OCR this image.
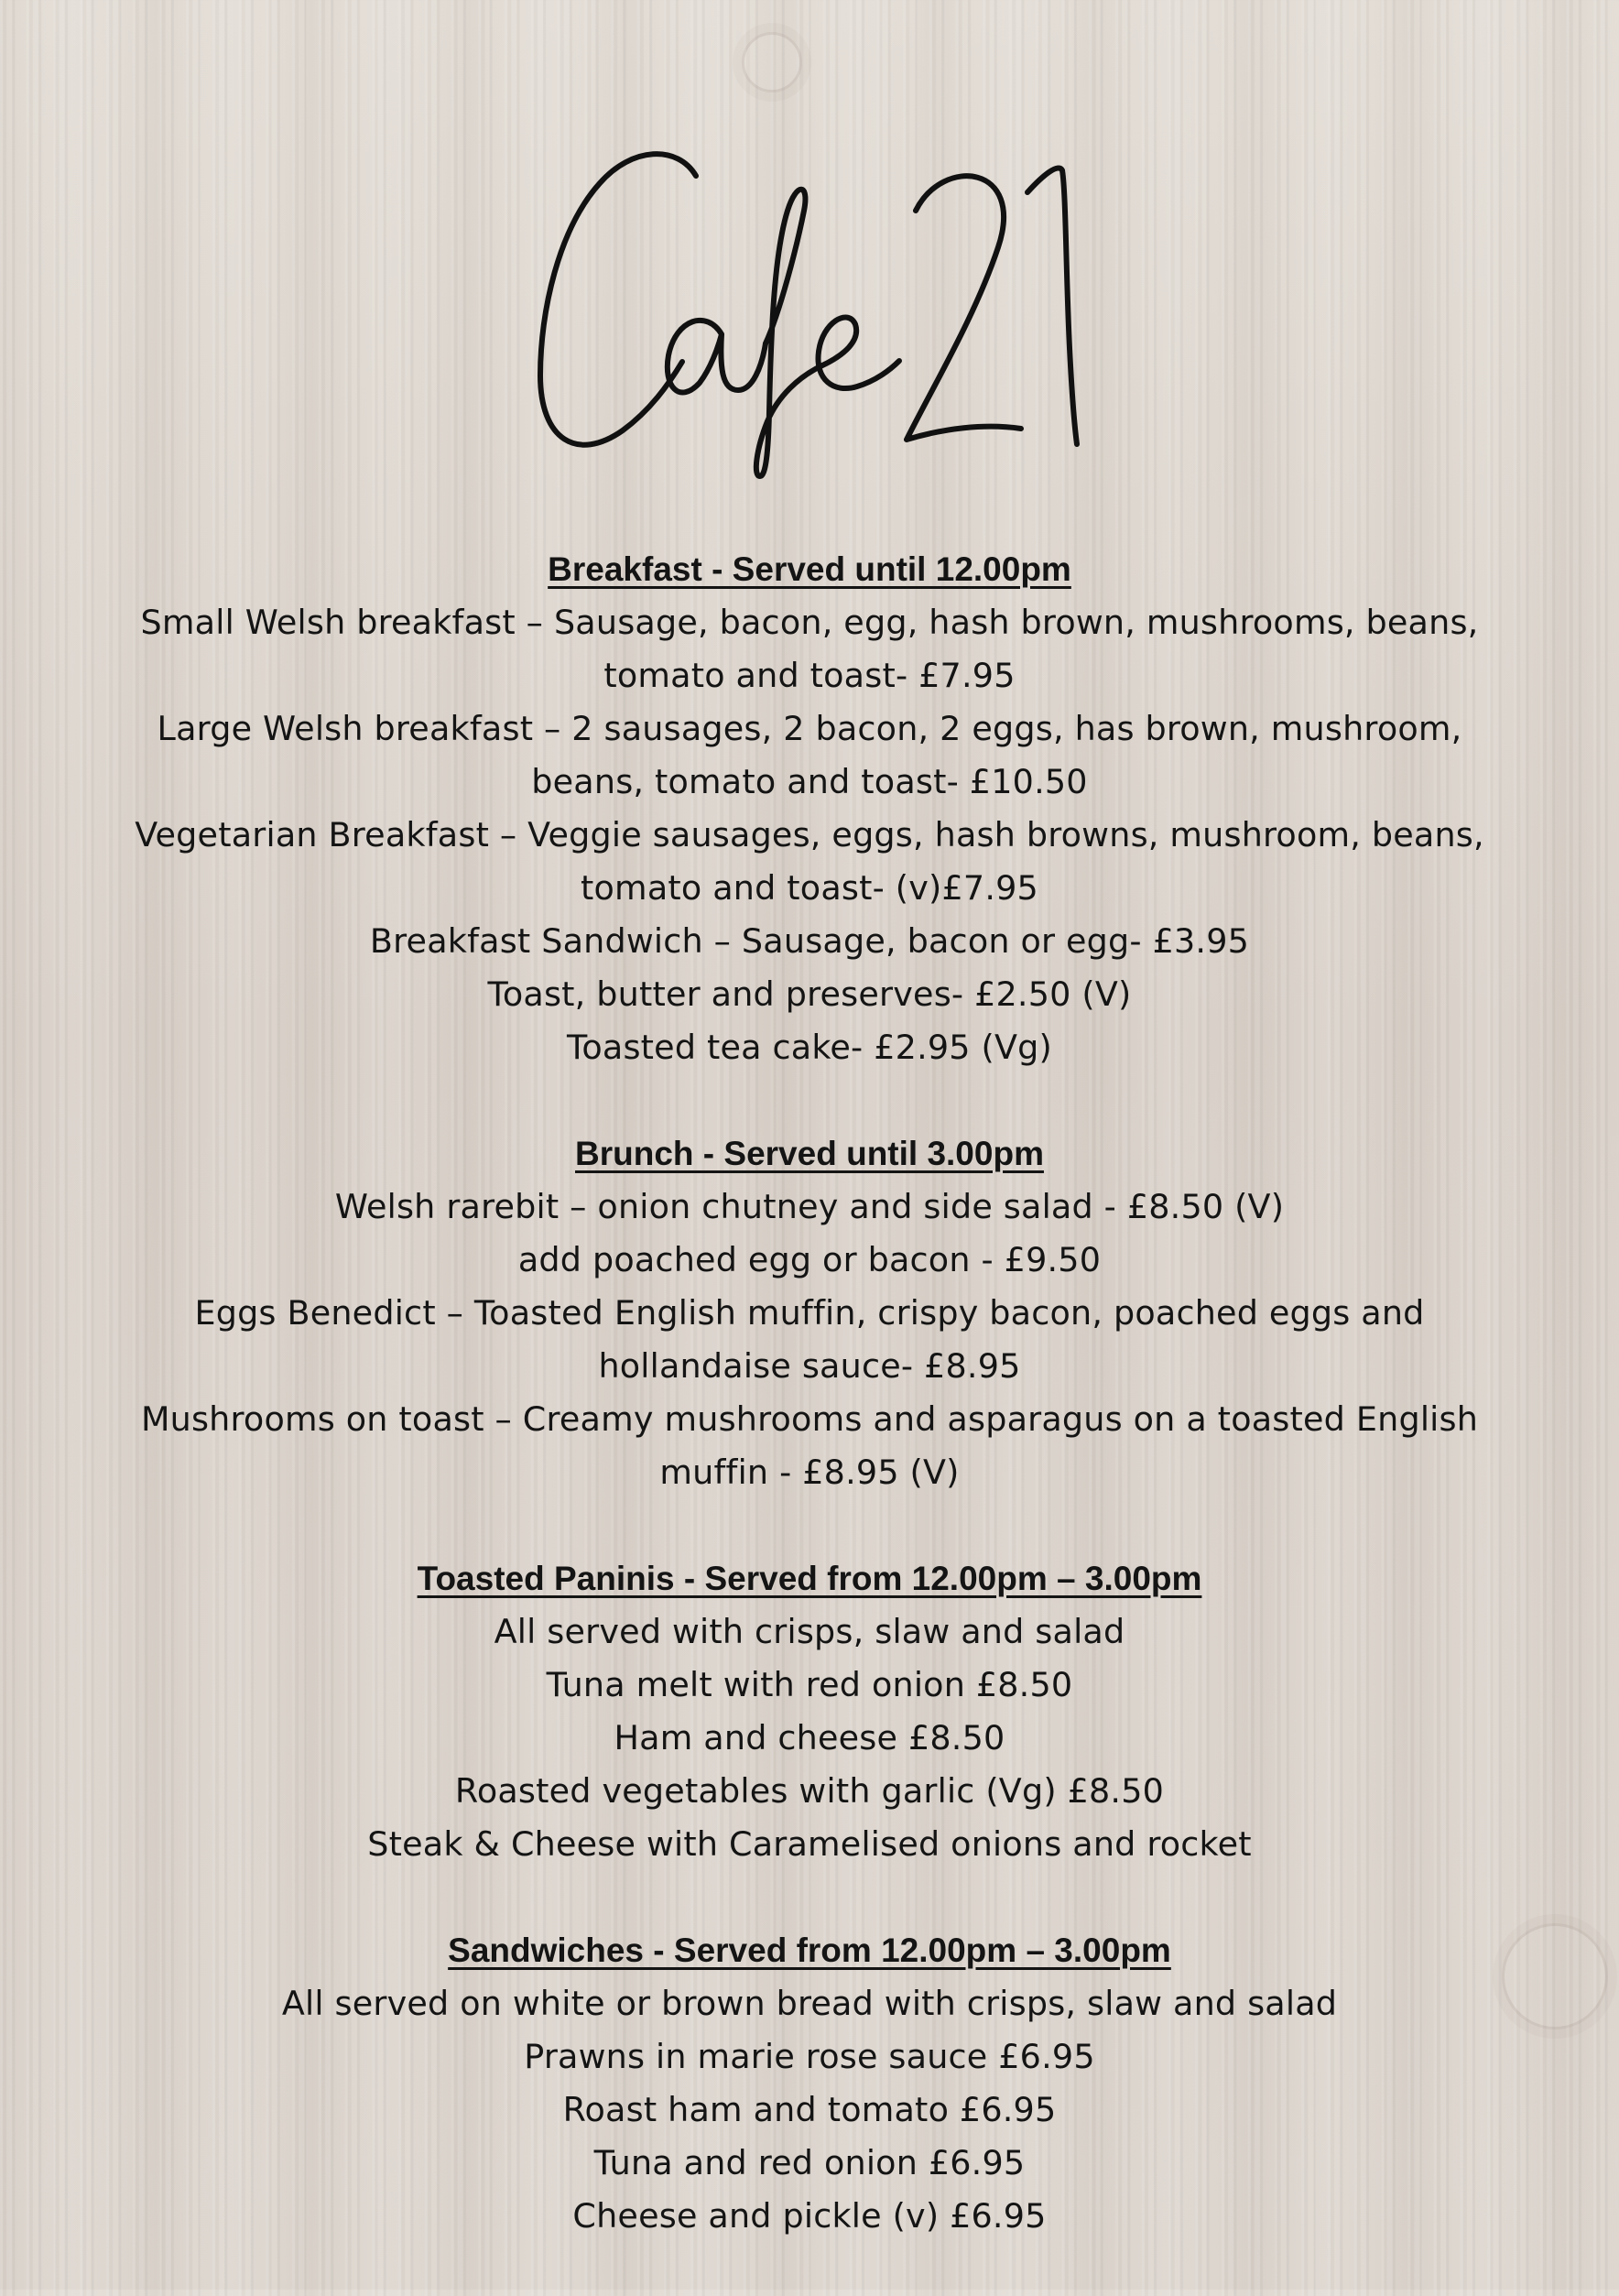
Breakfast - Served until 12.00pm
Small Welsh breakfast – Sausage, bacon, egg, hash brown, mushrooms, beans,
tomato and toast- £7.95
Large Welsh breakfast – 2 sausages, 2 bacon, 2 eggs, has brown, mushroom,
beans, tomato and toast- £10.50
Vegetarian Breakfast – Veggie sausages, eggs, hash browns, mushroom, beans,
tomato and toast- (v)£7.95
Breakfast Sandwich – Sausage, bacon or egg- £3.95
Toast, butter and preserves- £2.50 (V)
Toasted tea cake- £2.95 (Vg)
Brunch - Served until 3.00pm
Welsh rarebit – onion chutney and side salad - £8.50 (V)
add poached egg or bacon - £9.50
Eggs Benedict – Toasted English muffin, crispy bacon, poached eggs and
hollandaise sauce- £8.95
Mushrooms on toast – Creamy mushrooms and asparagus on a toasted English
muffin - £8.95 (V)
Toasted Paninis - Served from 12.00pm – 3.00pm
All served with crisps, slaw and salad
Tuna melt with red onion £8.50
Ham and cheese £8.50
Roasted vegetables with garlic (Vg) £8.50
Steak & Cheese with Caramelised onions and rocket
Sandwiches - Served from 12.00pm – 3.00pm
All served on white or brown bread with crisps, slaw and salad
Prawns in marie rose sauce £6.95
Roast ham and tomato £6.95
Tuna and red onion £6.95
Cheese and pickle (v) £6.95
